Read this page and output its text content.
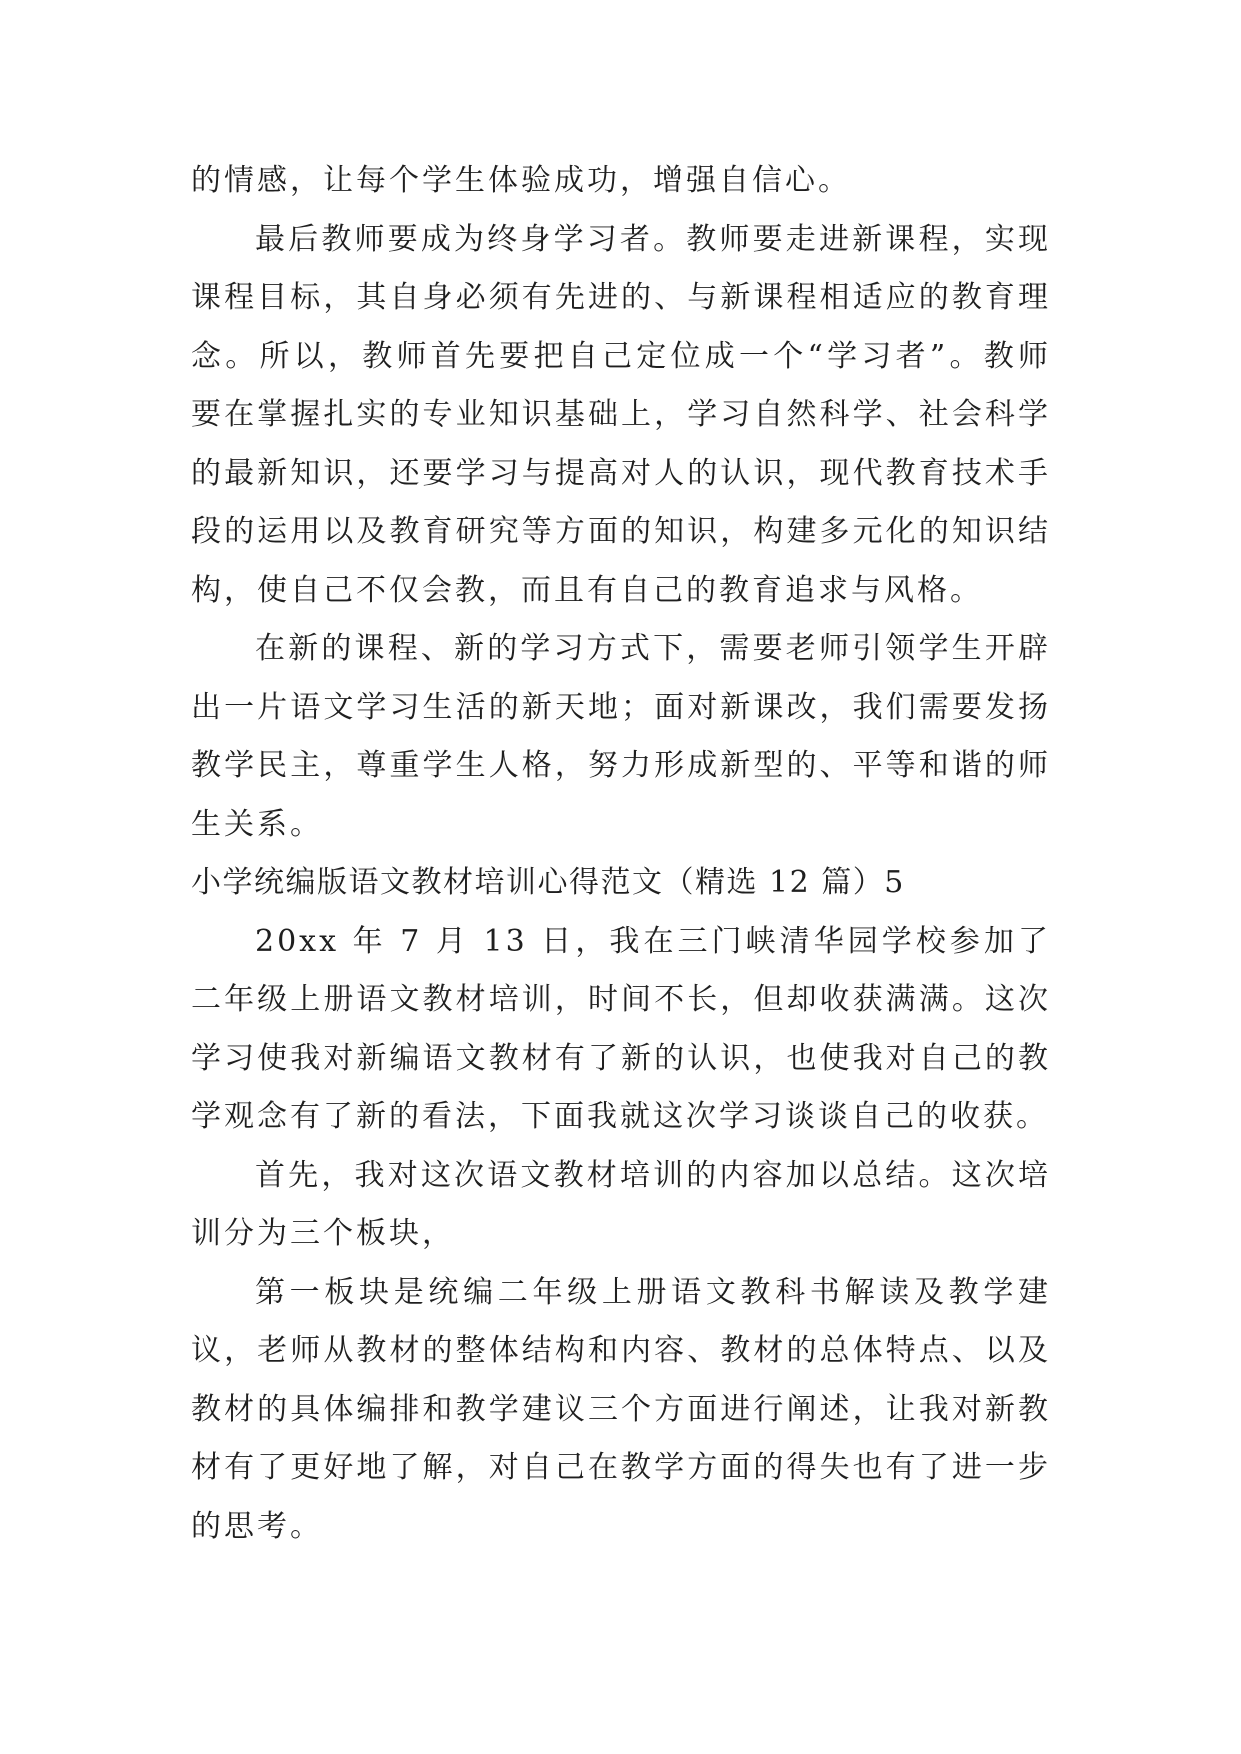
的情感，让每个学生体验成功，增强自信心。

最后教师要成为终身学习者。教师要走进新课程，实现课程目标，其自身必须有先进的、与新课程相适应的教育理念。所以，教师首先要把自己定位成一个“学习者”。教师要在掌握扎实的专业知识基础上，学习自然科学、社会科学的最新知识，还要学习与提高对人的认识，现代教育技术手段的运用以及教育研究等方面的知识，构建多元化的知识结构，使自己不仅会教，而且有自己的教育追求与风格。

在新的课程、新的学习方式下，需要老师引领学生开辟出一片语文学习生活的新天地；面对新课改，我们需要发扬教学民主，尊重学生人格，努力形成新型的、平等和谐的师生关系。

小学统编版语文教材培训心得范文（精选 12 篇）5

20xx 年 7 月 13 日，我在三门峡清华园学校参加了二年级上册语文教材培训，时间不长，但却收获满满。这次学习使我对新编语文教材有了新的认识，也使我对自己的教学观念有了新的看法，下面我就这次学习谈谈自己的收获。

首先，我对这次语文教材培训的内容加以总结。这次培训分为三个板块，

第一板块是统编二年级上册语文教科书解读及教学建议，老师从教材的整体结构和内容、教材的总体特点、以及教材的具体编排和教学建议三个方面进行阐述，让我对新教材有了更好地了解，对自己在教学方面的得失也有了进一步的思考。
